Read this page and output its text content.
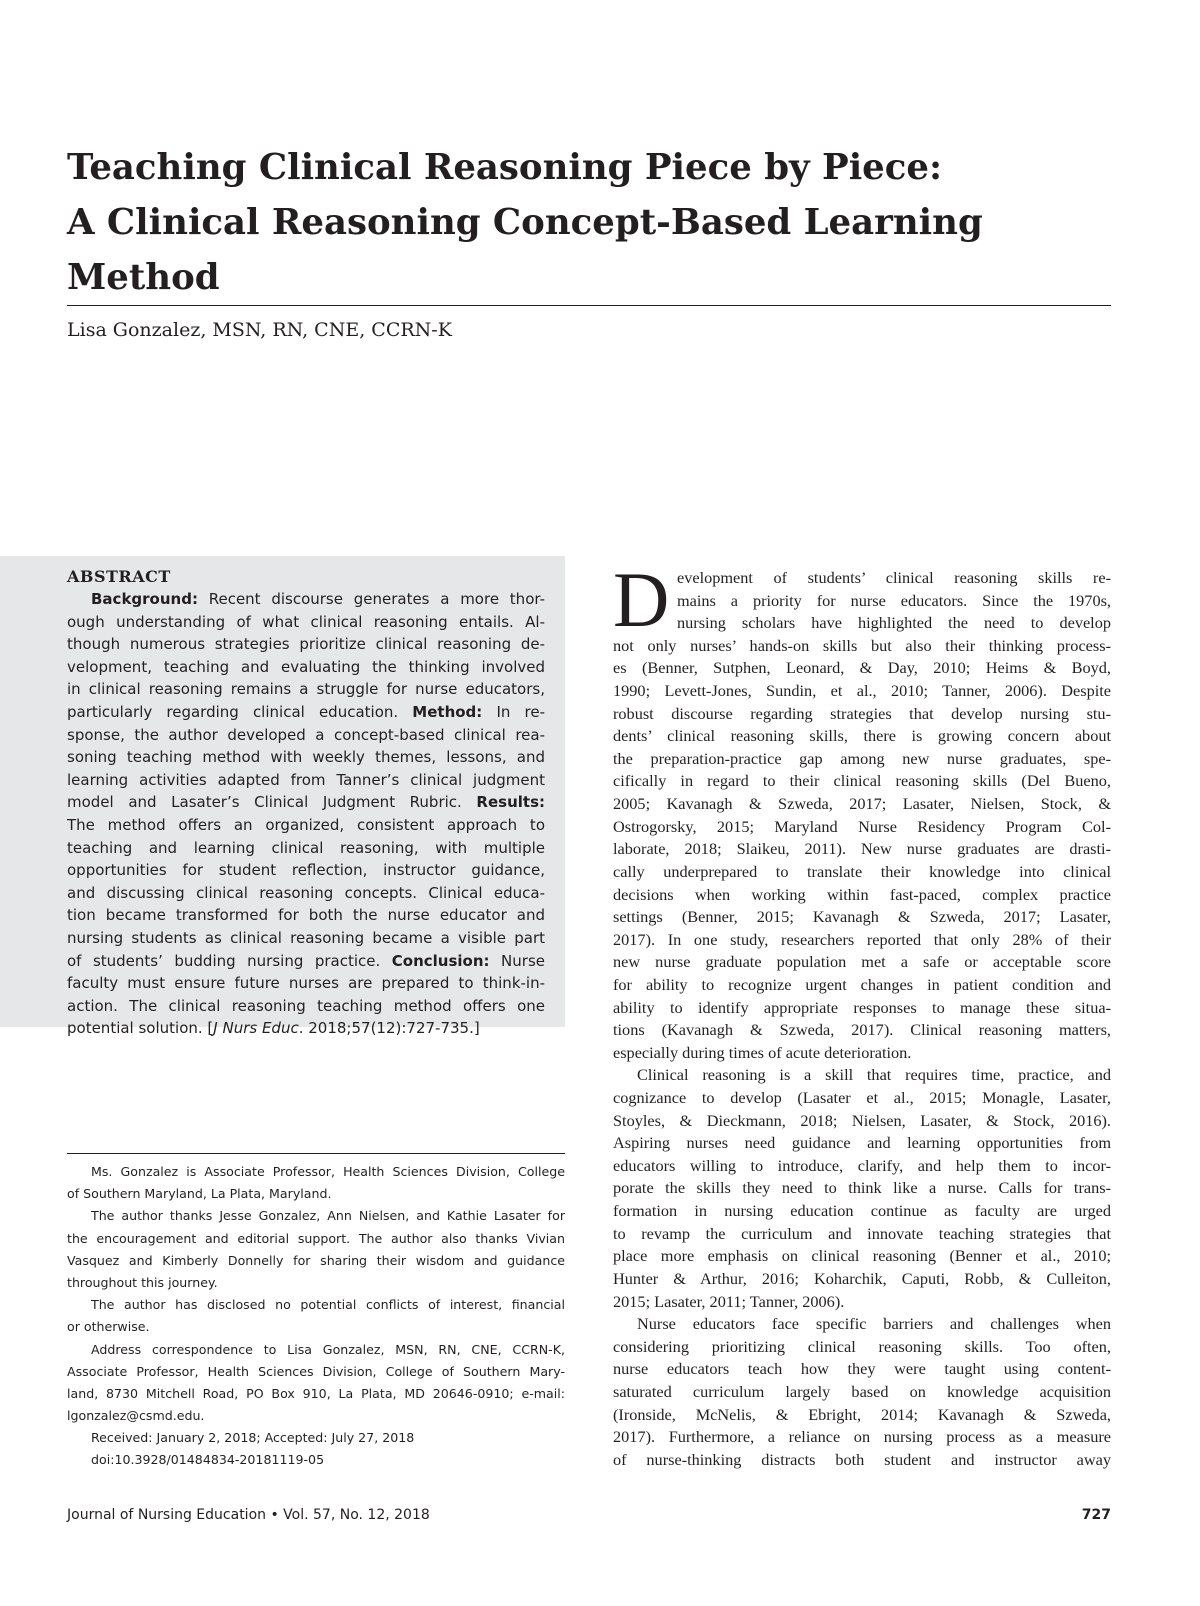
Teaching Clinical Reasoning Piece by Piece:
A Clinical Reasoning Concept-Based Learning
Method
Lisa Gonzalez, MSN, RN, CNE, CCRN-K
ABSTRACT
Background: Recent discourse generates a more thor-
ough understanding of what clinical reasoning entails. Al-
though numerous strategies prioritize clinical reasoning de-
velopment, teaching and evaluating the thinking involved
in clinical reasoning remains a struggle for nurse educators,
particularly regarding clinical education. Method: In re-
sponse, the author developed a concept-based clinical rea-
soning teaching method with weekly themes, lessons, and
learning activities adapted from Tanner’s clinical judgment
model and Lasater’s Clinical Judgment Rubric. Results:
The method offers an organized, consistent approach to
teaching and learning clinical reasoning, with multiple
opportunities for student reflection, instructor guidance,
and discussing clinical reasoning concepts. Clinical educa-
tion became transformed for both the nurse educator and
nursing students as clinical reasoning became a visible part
of students’ budding nursing practice. Conclusion: Nurse
faculty must ensure future nurses are prepared to think-in-
action. The clinical reasoning teaching method offers one
potential solution. [J Nurs Educ. 2018;57(12):727-735.]
Ms. Gonzalez is Associate Professor, Health Sciences Division, College
of Southern Maryland, La Plata, Maryland.
The author thanks Jesse Gonzalez, Ann Nielsen, and Kathie Lasater for
the encouragement and editorial support. The author also thanks Vivian
Vasquez and Kimberly Donnelly for sharing their wisdom and guidance
throughout this journey.
The author has disclosed no potential conflicts of interest, financial
or otherwise.
Address correspondence to Lisa Gonzalez, MSN, RN, CNE, CCRN-K,
Associate Professor, Health Sciences Division, College of Southern Mary-
land, 8730 Mitchell Road, PO Box 910, La Plata, MD 20646-0910; e-mail:
lgonzalez@csmd.edu.
Received: January 2, 2018; Accepted: July 27, 2018
doi:10.3928/01484834-20181119-05
D evelopment of students’ clinical reasoning skills re-
mains a priority for nurse educators. Since the 1970s,
nursing scholars have highlighted the need to develop
not only nurses’ hands-on skills but also their thinking process-
es (Benner, Sutphen, Leonard, & Day, 2010; Heims & Boyd,
1990; Levett-Jones, Sundin, et al., 2010; Tanner, 2006). Despite
robust discourse regarding strategies that develop nursing stu-
dents’ clinical reasoning skills, there is growing concern about
the preparation-practice gap among new nurse graduates, spe-
cifically in regard to their clinical reasoning skills (Del Bueno,
2005; Kavanagh & Szweda, 2017; Lasater, Nielsen, Stock, &
Ostrogorsky, 2015; Maryland Nurse Residency Program Col-
laborate, 2018; Slaikeu, 2011). New nurse graduates are drasti-
cally underprepared to translate their knowledge into clinical
decisions when working within fast-paced, complex practice
settings (Benner, 2015; Kavanagh & Szweda, 2017; Lasater,
2017). In one study, researchers reported that only 28% of their
new nurse graduate population met a safe or acceptable score
for ability to recognize urgent changes in patient condition and
ability to identify appropriate responses to manage these situa-
tions (Kavanagh & Szweda, 2017). Clinical reasoning matters,
especially during times of acute deterioration.
Clinical reasoning is a skill that requires time, practice, and
cognizance to develop (Lasater et al., 2015; Monagle, Lasater,
Stoyles, & Dieckmann, 2018; Nielsen, Lasater, & Stock, 2016).
Aspiring nurses need guidance and learning opportunities from
educators willing to introduce, clarify, and help them to incor-
porate the skills they need to think like a nurse. Calls for trans-
formation in nursing education continue as faculty are urged
to revamp the curriculum and innovate teaching strategies that
place more emphasis on clinical reasoning (Benner et al., 2010;
Hunter & Arthur, 2016; Koharchik, Caputi, Robb, & Culleiton,
2015; Lasater, 2011; Tanner, 2006).
Nurse educators face specific barriers and challenges when
considering prioritizing clinical reasoning skills. Too often,
nurse educators teach how they were taught using content-
saturated curriculum largely based on knowledge acquisition
(Ironside, McNelis, & Ebright, 2014; Kavanagh & Szweda,
2017). Furthermore, a reliance on nursing process as a measure
of nurse-thinking distracts both student and instructor away
Journal of Nursing Education • Vol. 57, No. 12, 2018	727
